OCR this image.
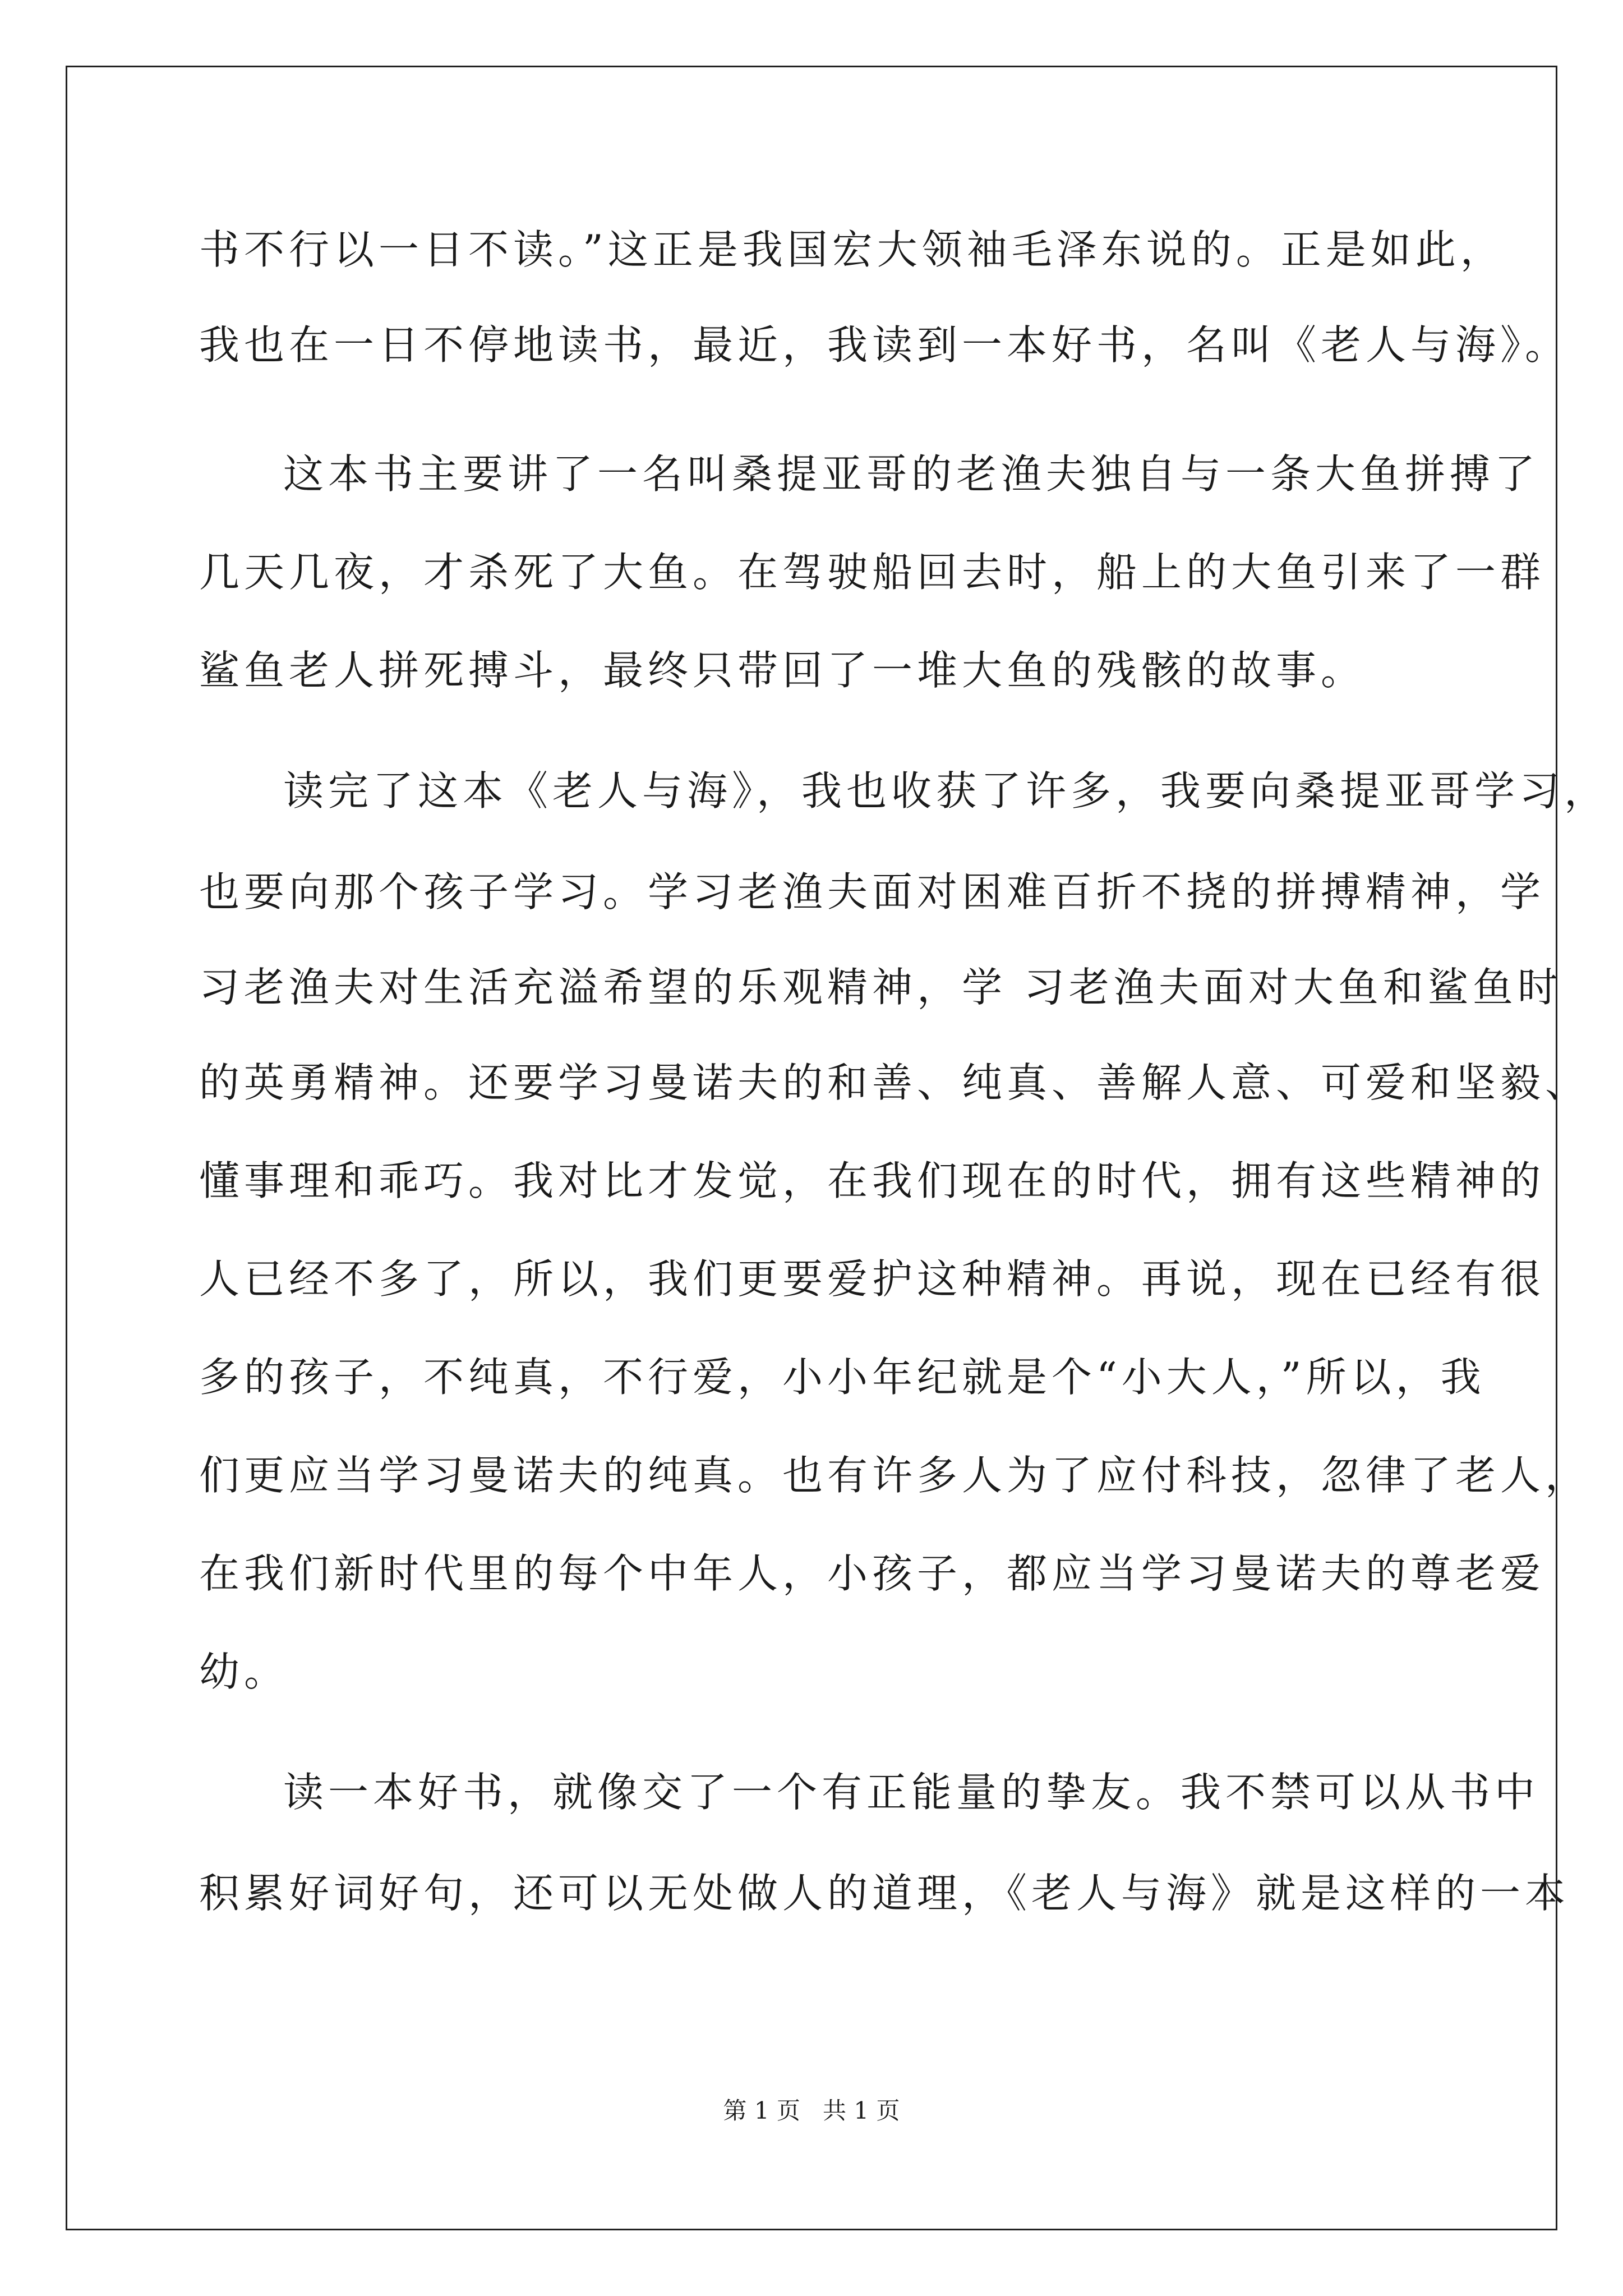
书不行以一日不读。”这正是我国宏大领袖毛泽东说的。正是如此，
我也在一日不停地读书，最近，我读到一本好书，名叫《老人与海》。
这本书主要讲了一名叫桑提亚哥的老渔夫独自与一条大鱼拼搏了
几天几夜，才杀死了大鱼。在驾驶船回去时，船上的大鱼引来了一群
鲨鱼老人拼死搏斗，最终只带回了一堆大鱼的残骸的故事。
读完了这本《老人与海》，我也收获了许多，我要向桑提亚哥学习，
也要向那个孩子学习。学习老渔夫面对困难百折不挠的拼搏精神，学
习老渔夫对生活充溢希望的乐观精神，学 习老渔夫面对大鱼和鲨鱼时
的英勇精神。还要学习曼诺夫的和善、纯真、善解人意、可爱和坚毅、
懂事理和乖巧。我对比才发觉，在我们现在的时代，拥有这些精神的
人已经不多了，所以，我们更要爱护这种精神。再说，现在已经有很
多的孩子，不纯真，不行爱，小小年纪就是个“小大人，”所以，我
们更应当学习曼诺夫的纯真。也有许多人为了应付科技，忽律了老人，
在我们新时代里的每个中年人，小孩子，都应当学习曼诺夫的尊老爱
幼。
读一本好书，就像交了一个有正能量的挚友。我不禁可以从书中
积累好词好句，还可以无处做人的道理，《老人与海》就是这样的一本
第 1 页   共 1 页
